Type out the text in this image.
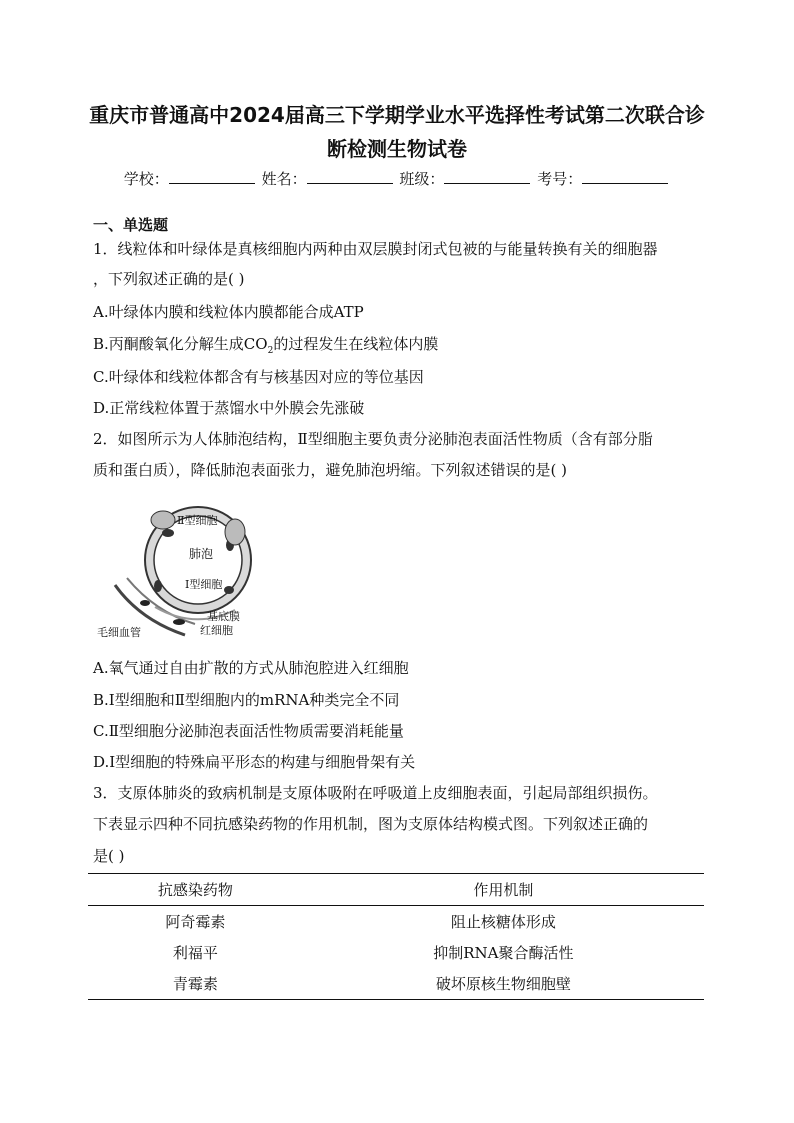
重庆市普通高中2024届高三下学期学业水平选择性考试第二次联合诊
断检测生物试卷
学校：	姓名：	班级：	考号：
一、单选题
1．线粒体和叶绿体是真核细胞内两种由双层膜封闭式包被的与能量转换有关的细胞器
，下列叙述正确的是( )
A.叶绿体内膜和线粒体内膜都能合成ATP
B.丙酮酸氧化分解生成$CO_2$的过程发生在线粒体内膜
C.叶绿体和线粒体都含有与核基因对应的等位基因
D.正常线粒体置于蒸馏水中外膜会先涨破
2．如图所示为人体肺泡结构，Ⅱ型细胞主要负责分泌肺泡表面活性物质（含有部分脂
质和蛋白质），降低肺泡表面张力，避免肺泡坍缩。下列叙述错误的是( )
Ⅱ型细胞
肺泡
Ⅰ型细胞
基底膜
毛细血管	红细胞
A.氧气通过自由扩散的方式从肺泡腔进入红细胞
B.Ⅰ型细胞和Ⅱ型细胞内的mRNA种类完全不同
C.Ⅱ型细胞分泌肺泡表面活性物质需要消耗能量
D.Ⅰ型细胞的特殊扁平形态的构建与细胞骨架有关
3．支原体肺炎的致病机制是支原体吸附在呼吸道上皮细胞表面，引起局部组织损伤。
下表显示四种不同抗感染药物的作用机制，图为支原体结构模式图。下列叙述正确的
是( )
抗感染药物	作用机制
阿奇霉素	阻止核糖体形成
利福平	抑制RNA聚合酶活性
青霉素	破坏原核生物细胞壁
